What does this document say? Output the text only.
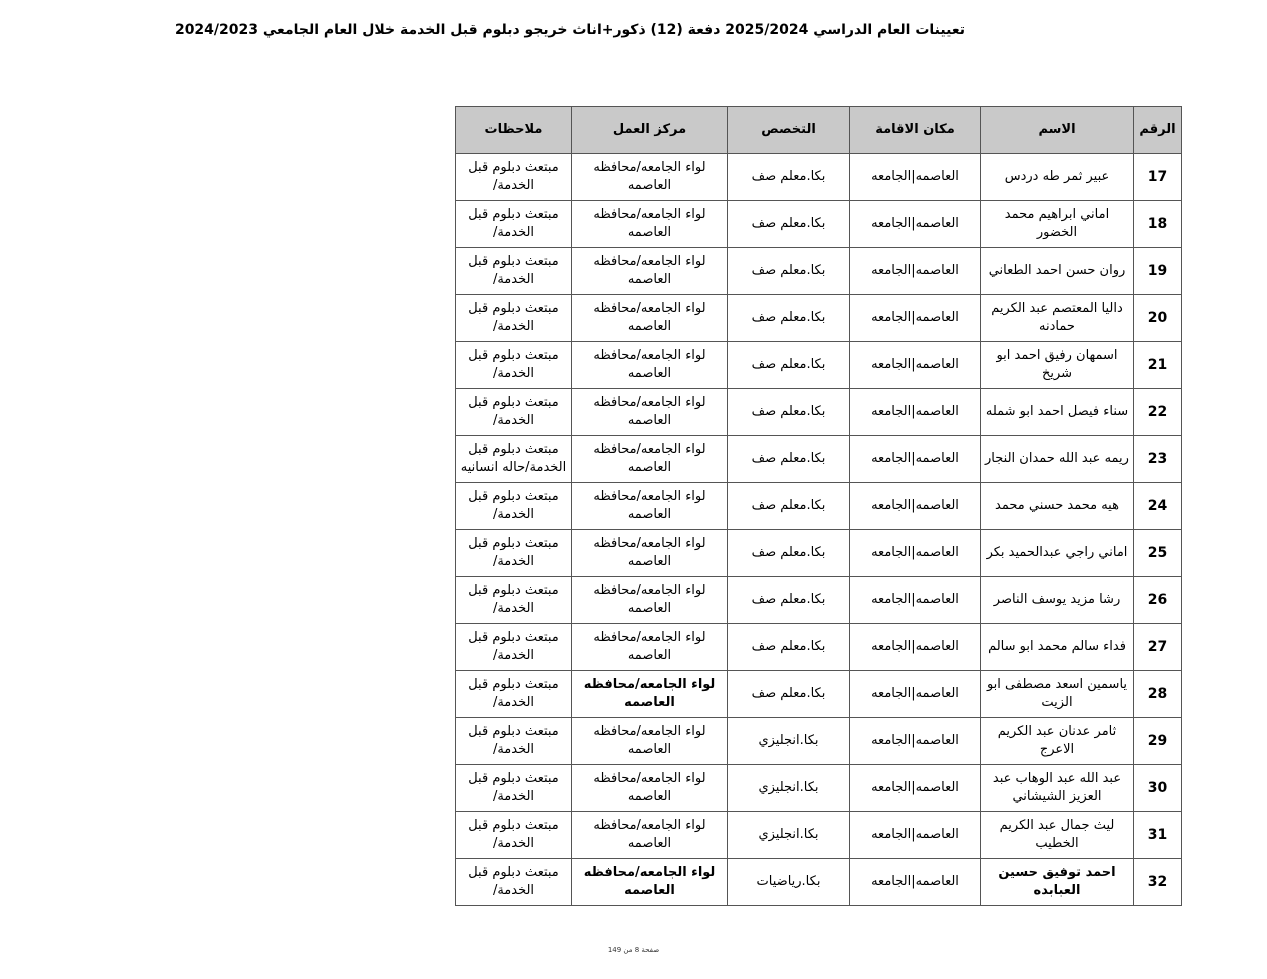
تعيينات العام الدراسي 2025/2024 دفعة (12) ذكور+اناث خريجو دبلوم قبل الخدمة خلال العام الجامعي 2024/2023
الرقم	الاسم	مكان الاقامة	التخصص	مركز العمل	ملاحظات
17	عبير ثمر طه دردس	العاصمه|الجامعه	بكا.معلم صف	لواء الجامعه/محافظه العاصمه	مبتعث دبلوم قبل الخدمة/
18	اماني ابراهيم محمد الخضور	العاصمه|الجامعه	بكا.معلم صف	لواء الجامعه/محافظه العاصمه	مبتعث دبلوم قبل الخدمة/
19	روان حسن احمد الطعاني	العاصمه|الجامعه	بكا.معلم صف	لواء الجامعه/محافظه العاصمه	مبتعث دبلوم قبل الخدمة/
20	داليا المعتصم عبد الكريم حمادنه	العاصمه|الجامعه	بكا.معلم صف	لواء الجامعه/محافظه العاصمه	مبتعث دبلوم قبل الخدمة/
21	اسمهان رفيق احمد ابو شريخ	العاصمه|الجامعه	بكا.معلم صف	لواء الجامعه/محافظه العاصمه	مبتعث دبلوم قبل الخدمة/
22	سناء فيصل احمد ابو شمله	العاصمه|الجامعه	بكا.معلم صف	لواء الجامعه/محافظه العاصمه	مبتعث دبلوم قبل الخدمة/
23	ريمه عبد الله حمدان النجار	العاصمه|الجامعه	بكا.معلم صف	لواء الجامعه/محافظه العاصمه	مبتعث دبلوم قبل الخدمة/حاله انسانيه
24	هيه محمد حسني محمد	العاصمه|الجامعه	بكا.معلم صف	لواء الجامعه/محافظه العاصمه	مبتعث دبلوم قبل الخدمة/
25	اماني راجي عبدالحميد بكر	العاصمه|الجامعه	بكا.معلم صف	لواء الجامعه/محافظه العاصمه	مبتعث دبلوم قبل الخدمة/
26	رشا مزيد يوسف الناصر	العاصمه|الجامعه	بكا.معلم صف	لواء الجامعه/محافظه العاصمه	مبتعث دبلوم قبل الخدمة/
27	فداء سالم محمد ابو سالم	العاصمه|الجامعه	بكا.معلم صف	لواء الجامعه/محافظه العاصمه	مبتعث دبلوم قبل الخدمة/
28	ياسمين اسعد مصطفى ابو الزيت	العاصمه|الجامعه	بكا.معلم صف	لواء الجامعه/محافظه العاصمه	مبتعث دبلوم قبل الخدمة/
29	ثامر عدنان عبد الكريم الاعرج	العاصمه|الجامعه	بكا.انجليزي	لواء الجامعه/محافظه العاصمه	مبتعث دبلوم قبل الخدمة/
30	عبد الله عبد الوهاب عبد العزيز الشيشاني	العاصمه|الجامعه	بكا.انجليزي	لواء الجامعه/محافظه العاصمه	مبتعث دبلوم قبل الخدمة/
31	ليث جمال عبد الكريم الخطيب	العاصمه|الجامعه	بكا.انجليزي	لواء الجامعه/محافظه العاصمه	مبتعث دبلوم قبل الخدمة/
32	احمد توفيق حسين العبابده	العاصمه|الجامعه	بكا.رياضيات	لواء الجامعه/محافظه العاصمه	مبتعث دبلوم قبل الخدمة/
صفحة 8 من 149
